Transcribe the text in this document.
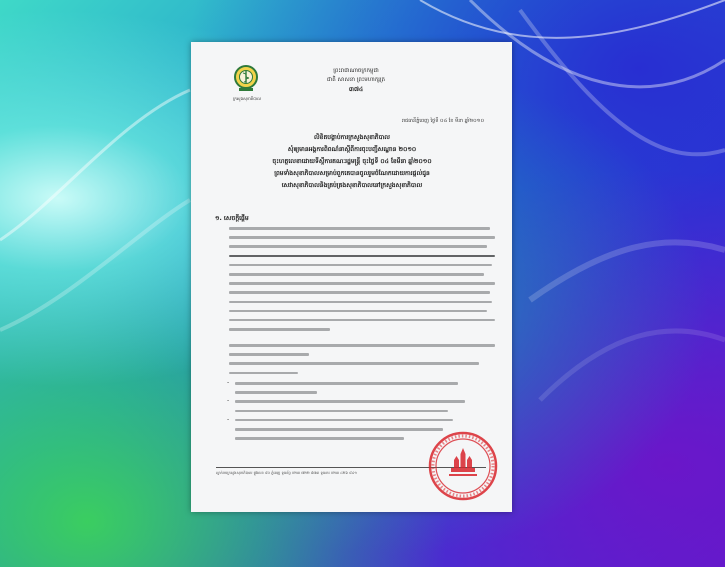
ក្រសួងសុខាភិបាល
ព្រះរាជាណាចក្រកម្ពុជា
ជាតិ សាសនា ព្រះមហាក្សត្រ
៣៧៤
រាជធានីភ្នំពេញ ថ្ងៃទី ០៤ ខែ មីនា ឆ្នាំ២០១០
លិខិតបង្គាប់ការក្រសួងសុខាភិបាល
សុំឲ្យមានអង្គការពិពណ៌នាស្តីពីការចុះបញ្ជីសណ្ឋាន ២០១០
ចុះហត្ថលេខាដោយទីស្តីការគណៈរដ្ឋមន្ត្រី ចុះថ្ងៃទី ០៤ ខែមីនា ឆ្នាំ២០១០
ព្រមទាំងសុខាភិបាលសម្រាប់ពួកគេបានចូលរួមចំណែកដោយការផ្តល់ជូន
សេវាសុខាភិបាលនិងគ្រប់គ្រងសុខាភិបាលនៅក្រសួងសុខាភិបាល
១. សេចក្តីផ្តើម
-
-
-
ស្នាក់ការក្រសួងសុខាភិបាល ផ្លូវលេខ ៨០ ភ្នំពេញ ទូរស័ព្ទ ០២៣ ៧២២ ៨៧៣ ទូរសារ ០២៣ ៤២៦ ៨៤១
